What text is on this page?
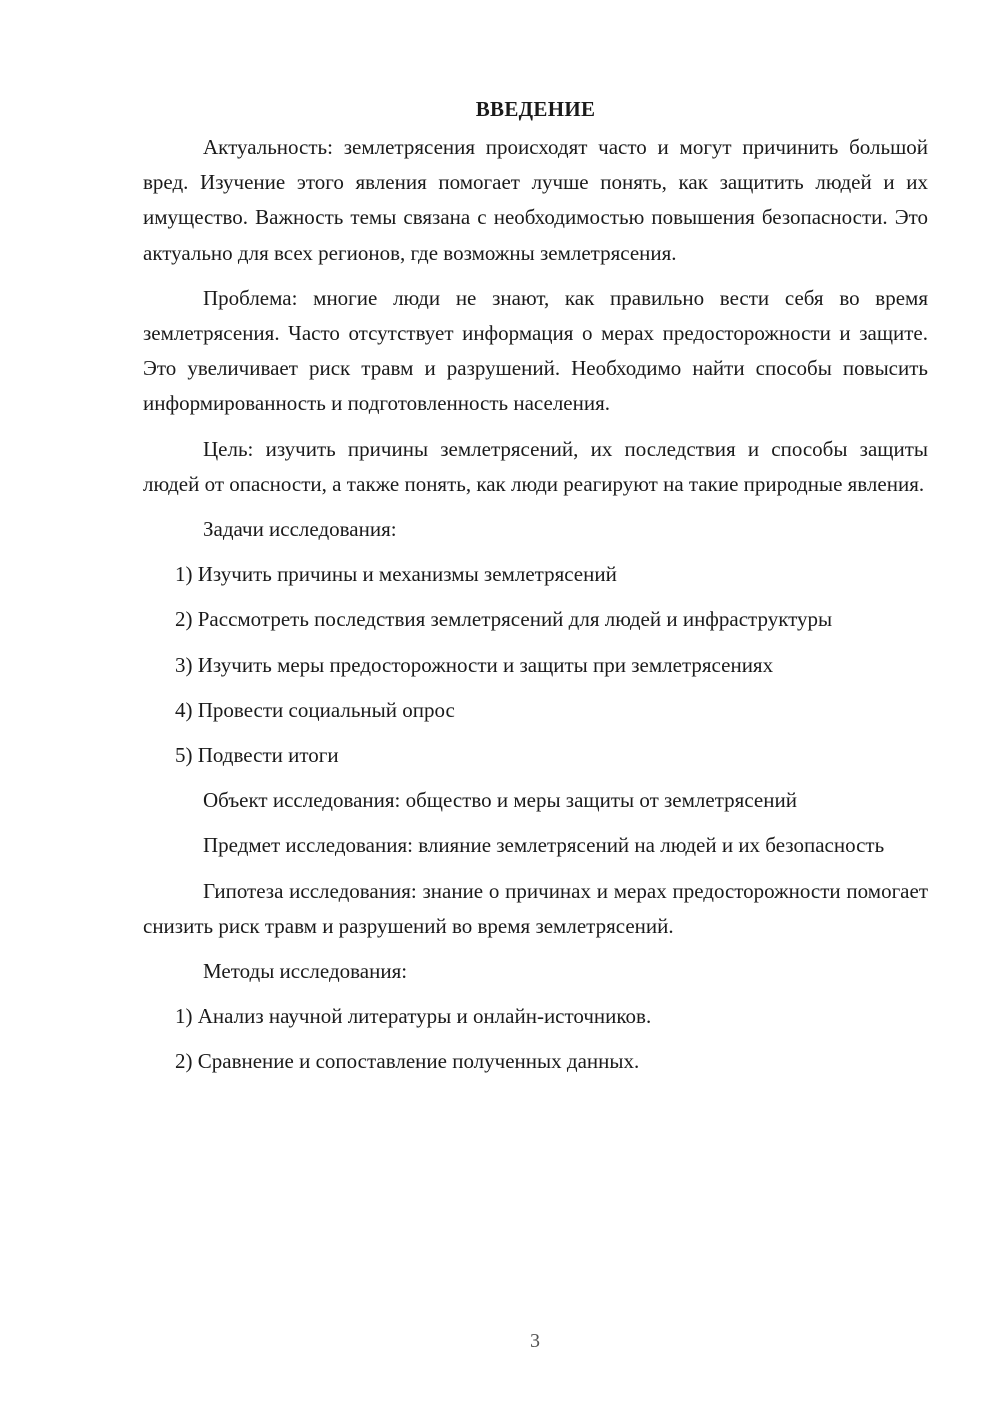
ВВЕДЕНИЕ

Актуальность: землетрясения происходят часто и могут причинить большой вред. Изучение этого явления помогает лучше понять, как защитить людей и их имущество. Важность темы связана с необходимостью повышения безопасности. Это актуально для всех регионов, где возможны землетрясения.

Проблема: многие люди не знают, как правильно вести себя во время землетрясения. Часто отсутствует информация о мерах предосторожности и защите. Это увеличивает риск травм и разрушений. Необходимо найти способы повысить информированность и подготовленность населения.

Цель: изучить причины землетрясений, их последствия и способы защиты людей от опасности, а также понять, как люди реагируют на такие природные явления.

Задачи исследования:

1) Изучить причины и механизмы землетрясений

2) Рассмотреть последствия землетрясений для людей и инфраструктуры

3) Изучить меры предосторожности и защиты при землетрясениях

4) Провести социальный опрос

5) Подвести итоги

Объект исследования: общество и меры защиты от землетрясений

Предмет исследования: влияние землетрясений на людей и их безопасность

Гипотеза исследования: знание о причинах и мерах предосторожности помогает снизить риск травм и разрушений во время землетрясений.

Методы исследования:

1) Анализ научной литературы и онлайн-источников.

2) Сравнение и сопоставление полученных данных.

3
